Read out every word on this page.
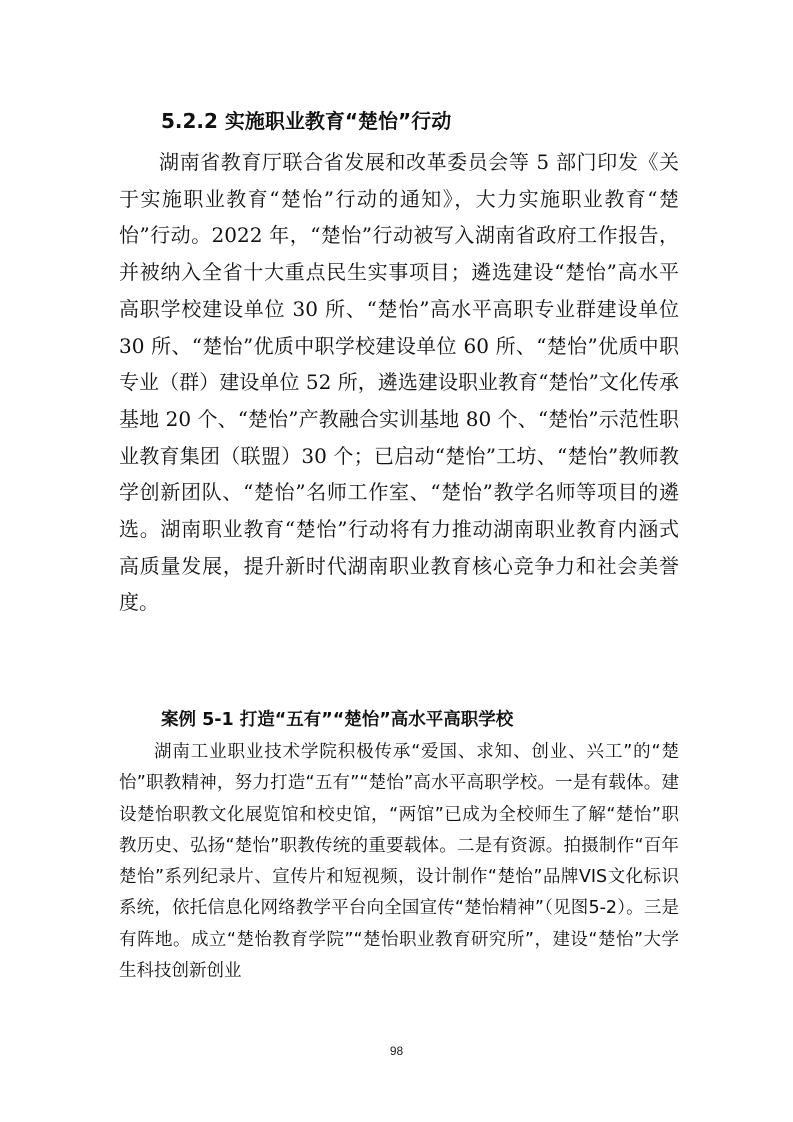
5.2.2 实施职业教育“楚怡”行动

湖南省教育厅联合省发展和改革委员会等 5 部门印发《关于实施职业教育“楚怡”行动的通知》，大力实施职业教育“楚怡”行动。2022 年，“楚怡”行动被写入湖南省政府工作报告，并被纳入全省十大重点民生实事项目；遴选建设“楚怡”高水平高职学校建设单位 30 所、“楚怡”高水平高职专业群建设单位 30 所、“楚怡”优质中职学校建设单位 60 所、“楚怡”优质中职专业（群）建设单位 52 所，遴选建设职业教育“楚怡”文化传承基地 20 个、“楚怡”产教融合实训基地 80 个、“楚怡”示范性职业教育集团（联盟）30 个；已启动“楚怡”工坊、“楚怡”教师教学创新团队、“楚怡”名师工作室、“楚怡”教学名师等项目的遴选。湖南职业教育“楚怡”行动将有力推动湖南职业教育内涵式高质量发展，提升新时代湖南职业教育核心竞争力和社会美誉度。

案例 5-1 打造“五有”“楚怡”高水平高职学校

湖南工业职业技术学院积极传承“爱国、求知、创业、兴工”的“楚怡”职教精神，努力打造“五有”“楚怡”高水平高职学校。一是有载体。建设楚怡职教文化展览馆和校史馆，“两馆”已成为全校师生了解“楚怡”职教历史、弘扬“楚怡”职教传统的重要载体。二是有资源。拍摄制作“百年楚怡”系列纪录片、宣传片和短视频，设计制作“楚怡”品牌VIS文化标识系统，依托信息化网络教学平台向全国宣传“楚怡精神”（见图5-2）。三是有阵地。成立“楚怡教育学院”“楚怡职业教育研究所”，建设“楚怡”大学生科技创新创业

98
